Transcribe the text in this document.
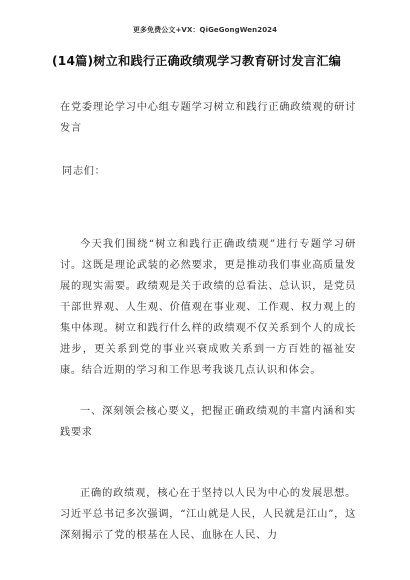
更多免费公文+VX：QiGeGongWen2024
(14篇)树立和践行正确政绩观学习教育研讨发言汇编

在党委理论学习中心组专题学习树立和践行正确政绩观的研讨发言

同志们：

今天我们围绕“树立和践行正确政绩观”进行专题学习研讨。这既是理论武装的必然要求，更是推动我们事业高质量发展的现实需要。政绩观是关于政绩的总看法、总认识，是党员干部世界观、人生观、价值观在事业观、工作观、权力观上的集中体现。树立和践行什么样的政绩观不仅关系到个人的成长进步，更关系到党的事业兴衰成败关系到一方百姓的福祉安康。结合近期的学习和工作思考我谈几点认识和体会。

一、深刻领会核心要义，把握正确政绩观的丰富内涵和实践要求

正确的政绩观，核心在于坚持以人民为中心的发展思想。习近平总书记多次强调，“江山就是人民，人民就是江山”，这深刻揭示了党的根基在人民、血脉在人民、力
